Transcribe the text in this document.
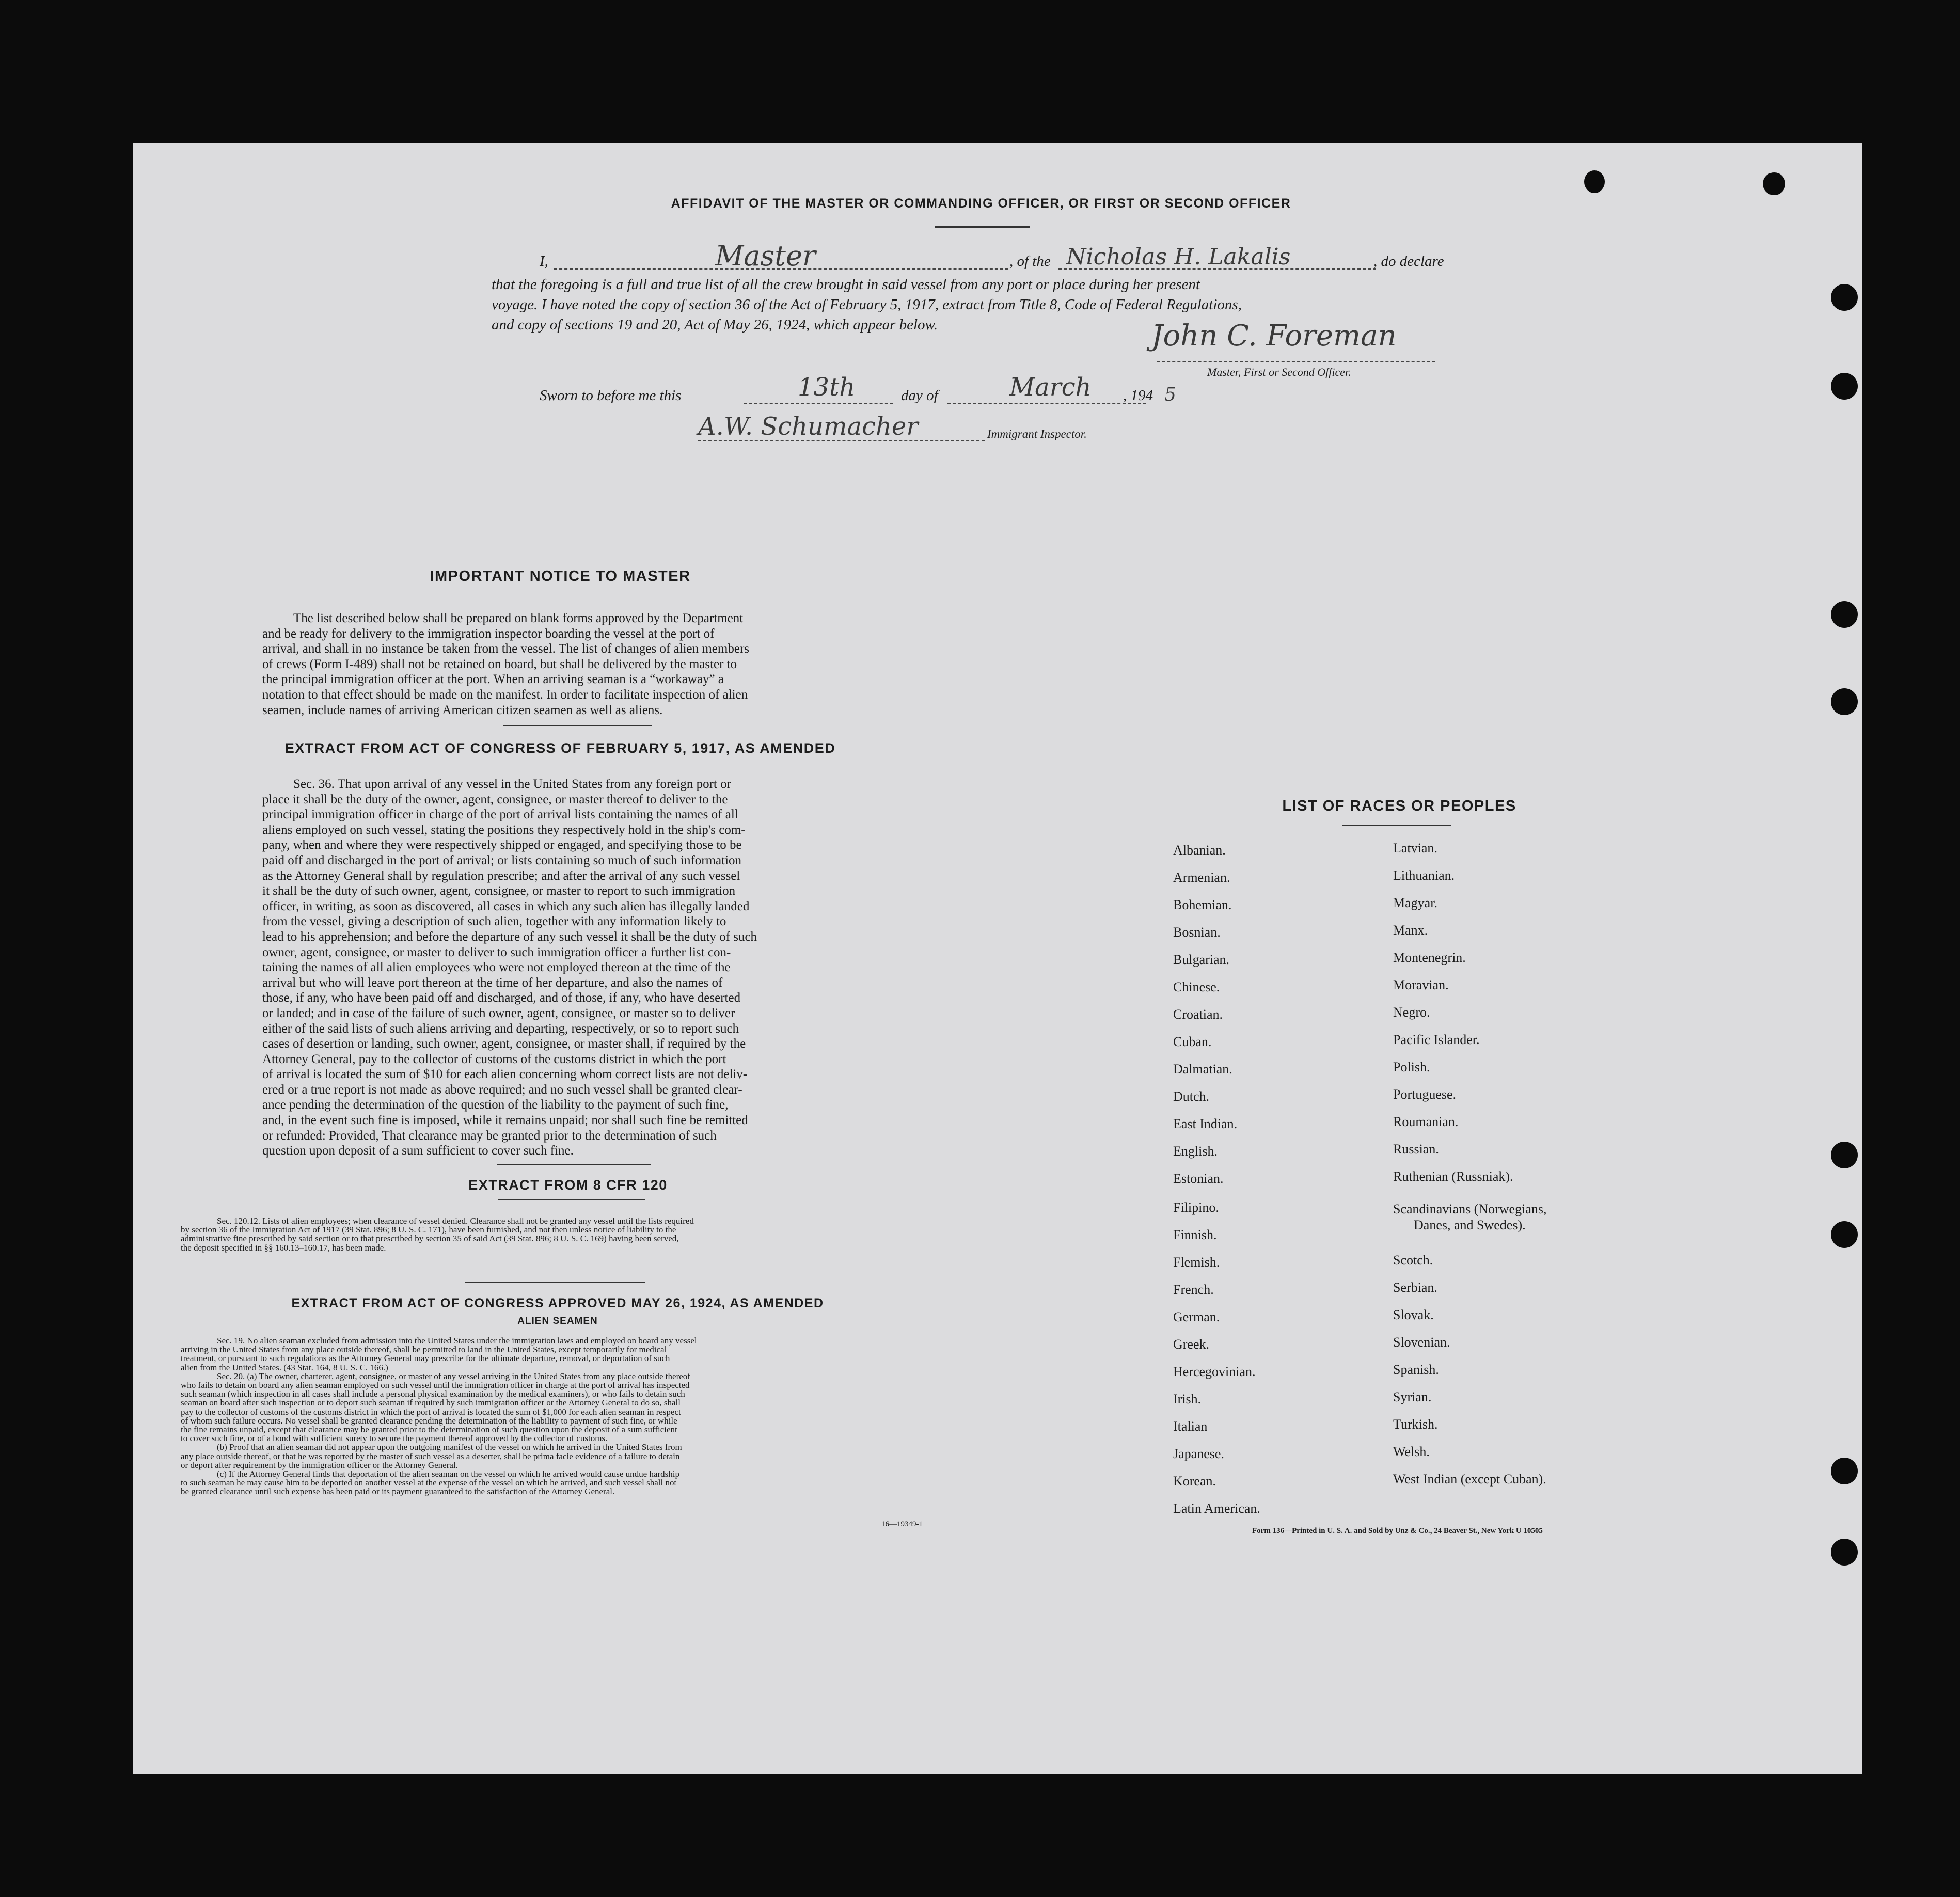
AFFIDAVIT OF THE MASTER OR COMMANDING OFFICER, OR FIRST OR SECOND OFFICER
I,	Master	, of the Nicholas H. Lakalis	, do declare
that the foregoing is a full and true list of all the crew brought in said vessel from any port or place during her present
voyage. I have noted the copy of section 36 of the Act of February 5, 1917, extract from Title 8, Code of Federal Regulations,
and copy of sections 19 and 20, Act of May 26, 1924, which appear below.	John C. Foreman
Master, First or Second Officer.
Sworn to before me this	13th	day of	March , 194 5
A.W. Schumacher	Immigrant Inspector.
IMPORTANT NOTICE TO MASTER
The list described below shall be prepared on blank forms approved by the Department
and be ready for delivery to the immigration inspector boarding the vessel at the port of
arrival, and shall in no instance be taken from the vessel. The list of changes of alien members
of crews (Form I-489) shall not be retained on board, but shall be delivered by the master to
the principal immigration officer at the port. When an arriving seaman is a “workaway” a
notation to that effect should be made on the manifest. In order to facilitate inspection of alien
seamen, include names of arriving American citizen seamen as well as aliens.
EXTRACT FROM ACT OF CONGRESS OF FEBRUARY 5, 1917, AS AMENDED
Sec. 36. That upon arrival of any vessel in the United States from any foreign port or
place it shall be the duty of the owner, agent, consignee, or master thereof to deliver to the
principal immigration officer in charge of the port of arrival lists containing the names of all
aliens employed on such vessel, stating the positions they respectively hold in the ship's com-
pany, when and where they were respectively shipped or engaged, and specifying those to be
paid off and discharged in the port of arrival; or lists containing so much of such information
as the Attorney General shall by regulation prescribe; and after the arrival of any such vessel
it shall be the duty of such owner, agent, consignee, or master to report to such immigration
officer, in writing, as soon as discovered, all cases in which any such alien has illegally landed
from the vessel, giving a description of such alien, together with any information likely to
lead to his apprehension; and before the departure of any such vessel it shall be the duty of such
owner, agent, consignee, or master to deliver to such immigration officer a further list con-
taining the names of all alien employees who were not employed thereon at the time of the
arrival but who will leave port thereon at the time of her departure, and also the names of
those, if any, who have been paid off and discharged, and of those, if any, who have deserted
or landed; and in case of the failure of such owner, agent, consignee, or master so to deliver
either of the said lists of such aliens arriving and departing, respectively, or so to report such
cases of desertion or landing, such owner, agent, consignee, or master shall, if required by the
Attorney General, pay to the collector of customs of the customs district in which the port
of arrival is located the sum of $10 for each alien concerning whom correct lists are not deliv-
ered or a true report is not made as above required; and no such vessel shall be granted clear-
ance pending the determination of the question of the liability to the payment of such fine,
and, in the event such fine is imposed, while it remains unpaid; nor shall such fine be remitted
or refunded: Provided, That clearance may be granted prior to the determination of such
question upon deposit of a sum sufficient to cover such fine.
EXTRACT FROM 8 CFR 120
Sec. 120.12. Lists of alien employees; when clearance of vessel denied. Clearance shall not be granted any vessel until the lists required
by section 36 of the Immigration Act of 1917 (39 Stat. 896; 8 U. S. C. 171), have been furnished, and not then unless notice of liability to the
administrative fine prescribed by said section or to that prescribed by section 35 of said Act (39 Stat. 896; 8 U. S. C. 169) having been served,
the deposit specified in §§ 160.13–160.17, has been made.
EXTRACT FROM ACT OF CONGRESS APPROVED MAY 26, 1924, AS AMENDED
ALIEN SEAMEN
Sec. 19. No alien seaman excluded from admission into the United States under the immigration laws and employed on board any vessel
arriving in the United States from any place outside thereof, shall be permitted to land in the United States, except temporarily for medical
treatment, or pursuant to such regulations as the Attorney General may prescribe for the ultimate departure, removal, or deportation of such
alien from the United States. (43 Stat. 164, 8 U. S. C. 166.)
Sec. 20. (a) The owner, charterer, agent, consignee, or master of any vessel arriving in the United States from any place outside thereof
who fails to detain on board any alien seaman employed on such vessel until the immigration officer in charge at the port of arrival has inspected
such seaman (which inspection in all cases shall include a personal physical examination by the medical examiners), or who fails to detain such
seaman on board after such inspection or to deport such seaman if required by such immigration officer or the Attorney General to do so, shall
pay to the collector of customs of the customs district in which the port of arrival is located the sum of $1,000 for each alien seaman in respect
of whom such failure occurs. No vessel shall be granted clearance pending the determination of the liability to payment of such fine, or while
the fine remains unpaid, except that clearance may be granted prior to the determination of such question upon the deposit of a sum sufficient
to cover such fine, or of a bond with sufficient surety to secure the payment thereof approved by the collector of customs.
(b) Proof that an alien seaman did not appear upon the outgoing manifest of the vessel on which he arrived in the United States from
any place outside thereof, or that he was reported by the master of such vessel as a deserter, shall be prima facie evidence of a failure to detain
or deport after requirement by the immigration officer or the Attorney General.
(c) If the Attorney General finds that deportation of the alien seaman on the vessel on which he arrived would cause undue hardship
to such seaman he may cause him to be deported on another vessel at the expense of the vessel on which he arrived, and such vessel shall not
be granted clearance until such expense has been paid or its payment guaranteed to the satisfaction of the Attorney General.
16—19349-1
LIST OF RACES OR PEOPLES
Albanian.
Armenian.
Bohemian.
Bosnian.
Bulgarian.
Chinese.
Croatian.
Cuban.
Dalmatian.
Dutch.
East Indian.
English.
Estonian.
Filipino.
Finnish.
Flemish.
French.
German.
Greek.
Hercegovinian.
Irish.
Italian
Japanese.
Korean.
Latin American.
Latvian.
Lithuanian.
Magyar.
Manx.
Montenegrin.
Moravian.
Negro.
Pacific Islander.
Polish.
Portuguese.
Roumanian.
Russian.
Ruthenian (Russniak).
Scandinavians (Norwegians,
Danes, and Swedes).
Scotch.
Serbian.
Slovak.
Slovenian.
Spanish.
Syrian.
Turkish.
Welsh.
West Indian (except Cuban).
Form 136—Printed in U. S. A. and Sold by Unz & Co., 24 Beaver St., New York U 10505
